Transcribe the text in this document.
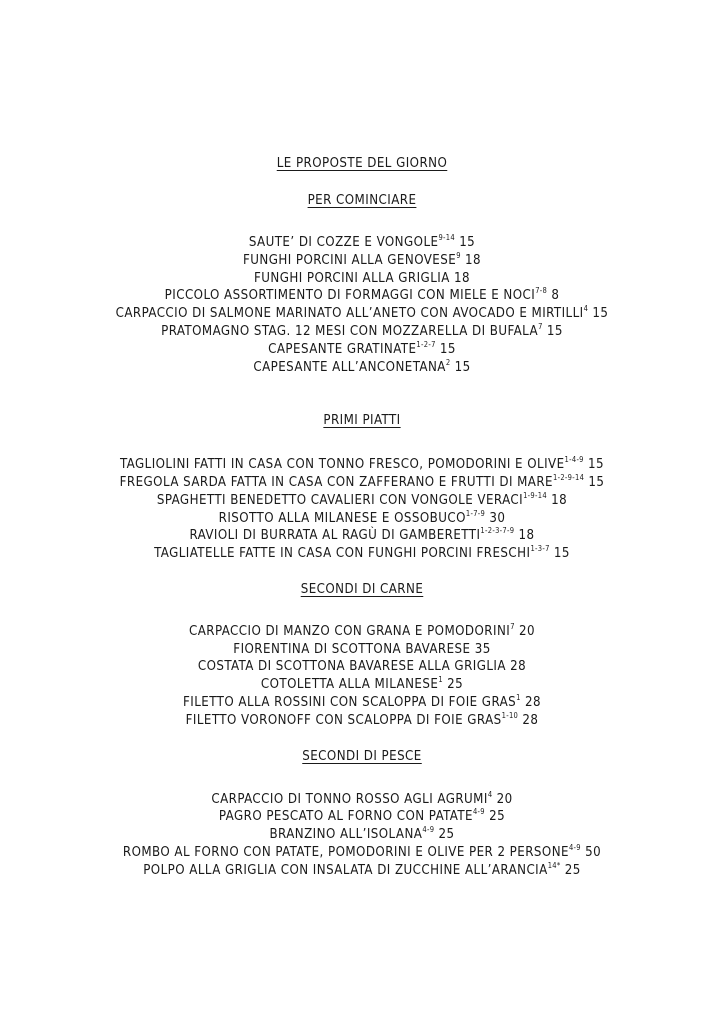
LE PROPOSTE DEL GIORNO
PER COMINCIARE
SAUTE’ DI COZZE E VONGOLE$^{9-14}$ 15
FUNGHI PORCINI ALLA GENOVESE$^9$ 18
FUNGHI PORCINI ALLA GRIGLIA 18
PICCOLO ASSORTIMENTO DI FORMAGGI CON MIELE E NOCI$^{7-8}$ 8
CARPACCIO DI SALMONE MARINATO ALL’ANETO CON AVOCADO E MIRTILLI$^4$ 15
PRATOMAGNO STAG. 12 MESI CON MOZZARELLA DI BUFALA$^7$ 15
CAPESANTE GRATINATE$^{1-2-7}$ 15
CAPESANTE ALL’ANCONETANA$^2$ 15
PRIMI PIATTI
TAGLIOLINI FATTI IN CASA CON TONNO FRESCO, POMODORINI E OLIVE$^{1-4-9}$ 15
FREGOLA SARDA FATTA IN CASA CON ZAFFERANO E FRUTTI DI MARE$^{1-2-9-14}$ 15
SPAGHETTI BENEDETTO CAVALIERI CON VONGOLE VERACI$^{1-9-14}$ 18
RISOTTO ALLA MILANESE E OSSOBUCO$^{1-7-9}$ 30
RAVIOLI DI BURRATA AL RAGÙ DI GAMBERETTI$^{1-2-3-7-9}$ 18
TAGLIATELLE FATTE IN CASA CON FUNGHI PORCINI FRESCHI$^{1-3-7}$ 15
SECONDI DI CARNE
CARPACCIO DI MANZO CON GRANA E POMODORINI$^7$ 20
FIORENTINA DI SCOTTONA BAVARESE 35
COSTATA DI SCOTTONA BAVARESE ALLA GRIGLIA 28
COTOLETTA ALLA MILANESE$^1$ 25
FILETTO ALLA ROSSINI CON SCALOPPA DI FOIE GRAS$^1$ 28
FILETTO VORONOFF CON SCALOPPA DI FOIE GRAS$^{1-10}$ 28
SECONDI DI PESCE
CARPACCIO DI TONNO ROSSO AGLI AGRUMI$^4$ 20
PAGRO PESCATO AL FORNO CON PATATE$^{4-9}$ 25
BRANZINO ALL’ISOLANA$^{4-9}$ 25
ROMBO AL FORNO CON PATATE, POMODORINI E OLIVE PER 2 PERSONE$^{4-9}$ 50
POLPO ALLA GRIGLIA CON INSALATA DI ZUCCHINE $ALL’ARANCIA^{14*}$ 25
